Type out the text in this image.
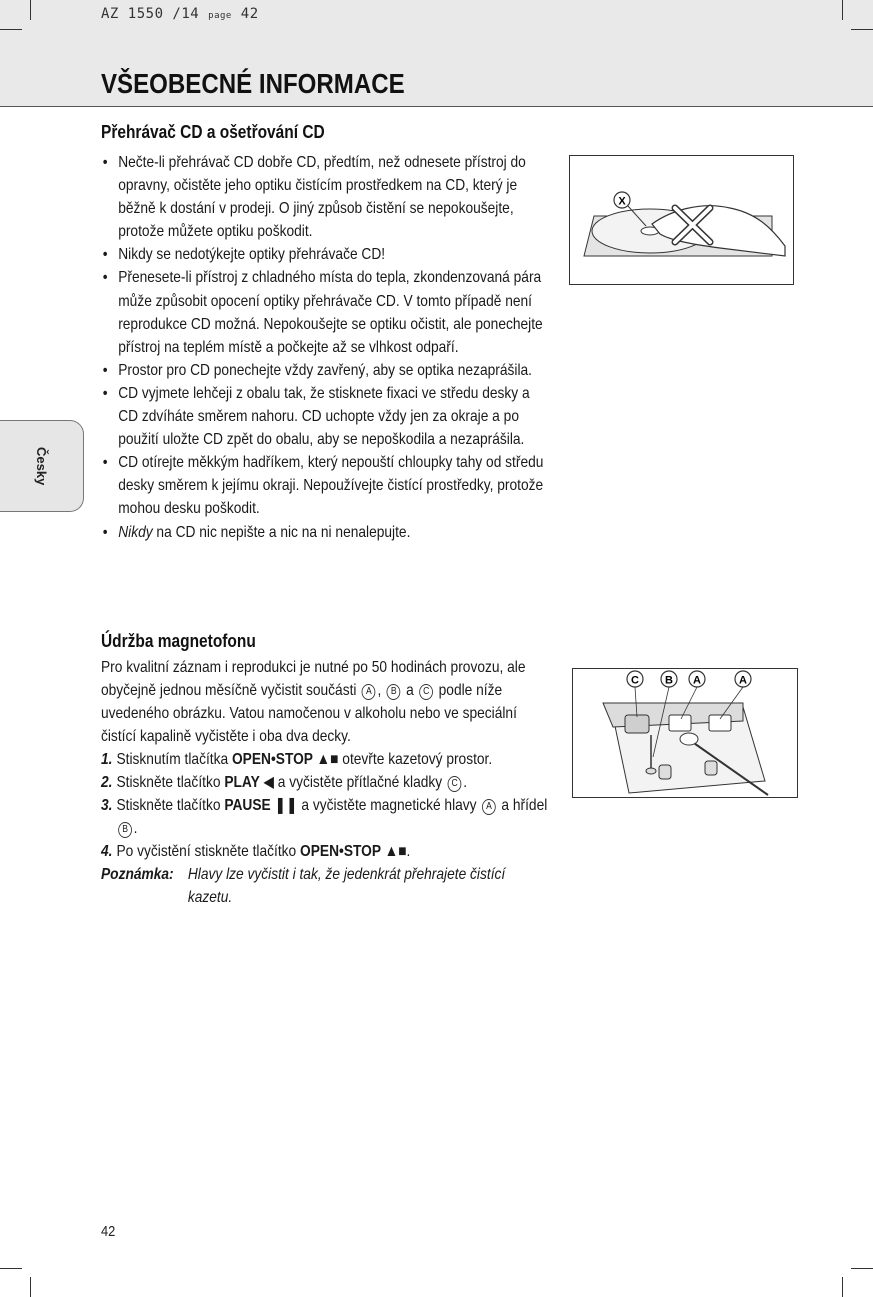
AZ 1550 /14 page 42
VŠEOBECNÉ INFORMACE
Česky
Přehrávač CD a ošetřování CD
• Nečte-li přehrávač CD dobře CD, předtím, než odnesete přístroj do opravny, očistěte jeho optiku čistícím prostředkem na CD, který je běžně k dostání v prodeji. O jiný způsob čistění se nepokoušejte, protože můžete optiku poškodit.
• Nikdy se nedotýkejte optiky přehrávače CD!
• Přenesete-li přístroj z chladného místa do tepla, zkondenzovaná pára může způsobit opocení optiky přehrávače CD. V tomto případě není reprodukce CD možná. Nepokoušejte se optiku očistit, ale ponechejte přístroj na teplém místě a počkejte až se vlhkost odpaří.
• Prostor pro CD ponechejte vždy zavřený, aby se optika nezaprášila.
• CD vyjmete lehčeji z obalu tak, že stisknete fixaci ve středu desky a CD zdvíháte směrem nahoru. CD uchopte vždy jen za okraje a po použití uložte CD zpět do obalu, aby se nepoškodila a nezaprášila.
• CD otírejte měkkým hadříkem, který nepouští chloupky tahy od středu desky směrem k jejímu okraji. Nepoužívejte čistící prostředky, protože mohou desku poškodit.
• Nikdy na CD nic nepište a nic na ni nenalepujte.
X
Údržba magnetofonu

Pro kvalitní záznam i reprodukci je nutné po 50 hodinách provozu, ale obyčejně jednou měsíčně vyčistit součásti A , B a C podle níže uvedeného obrázku. Vatou namočenou v alkoholu nebo ve speciální čistící kapalině vyčistěte i oba dva decky.

1. Stisknutím tlačítka OPEN•STOP ▲■ otevřte kazetový prostor.
2. Stiskněte tlačítko PLAY ◀ a vyčistěte přítlačné kladky C .
3. Stiskněte tlačítko PAUSE ❚❚ a vyčistěte magnetické hlavy A a hřídel B .
4. Po vyčistění stiskněte tlačítko OPEN•STOP ▲■.
Poznámka: Hlavy lze vyčistit i tak, že jedenkrát přehrajete čistící kazetu.
C B A	A
42
